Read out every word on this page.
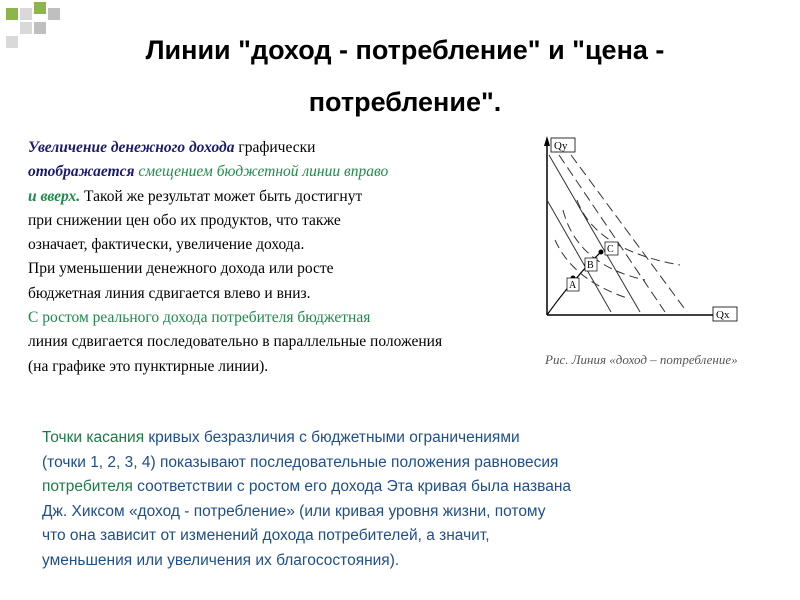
Линии "доход - потребление" и "цена -
потребление".
Увеличение денежного дохода графически
отображается смещением бюджетной линии вправо
и вверх. Такой же результат может быть достигнут
при снижении цен обо их продуктов, что также
означает, фактически, увеличение дохода.
При уменьшении денежного дохода или росте
бюджетная линия сдвигается влево и вниз.
С ростом реального дохода потребителя бюджетная
линия сдвигается последовательно в параллельные положения
(на графике это пунктирные линии).
Qy
Qx
A
B
C
Рис. Линия «доход – потребление»
Точки касания кривых безразличия с бюджетными ограничениями
(точки 1, 2, 3, 4) показывают последовательные положения равновесия
потребителя соответствии с ростом его дохода Эта кривая была названа
Дж. Хиксом «доход - потребление» (или кривая уровня жизни, потому
что она зависит от изменений дохода потребителей, а значит,
уменьшения или увеличения их благосостояния).
